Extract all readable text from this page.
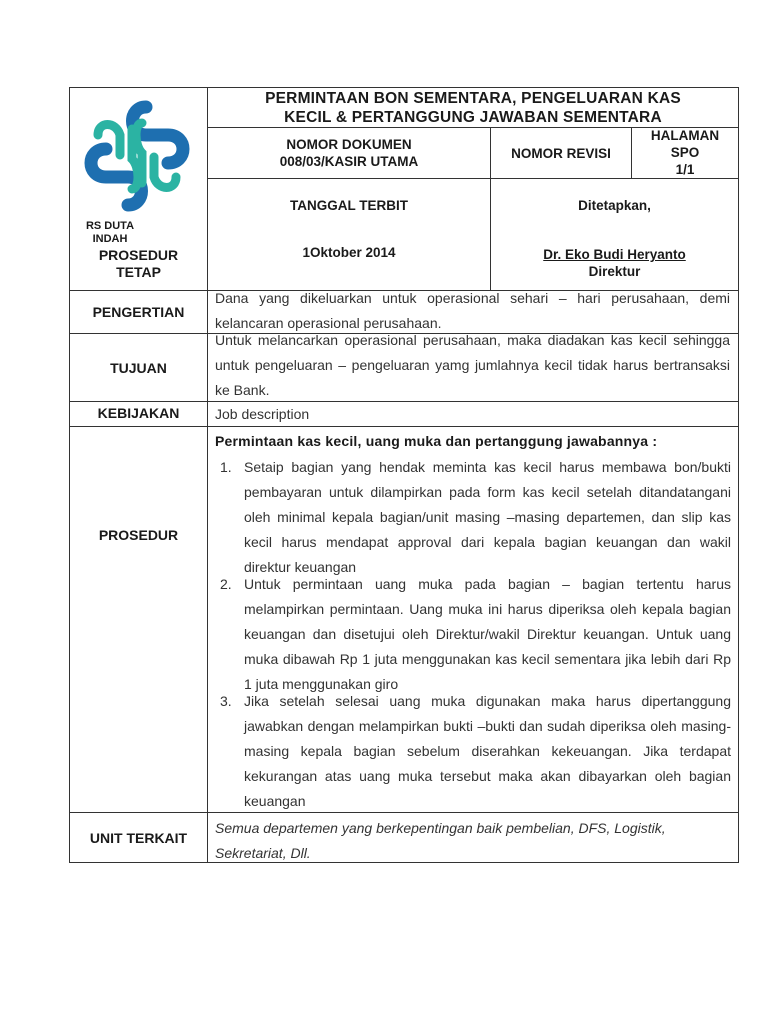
RS DUTA
INDAH
PROSEDUR
TETAP
PERMINTAAN BON SEMENTARA, PENGELUARAN KAS
KECIL & PERTANGGUNG JAWABAN SEMENTARA
NOMOR DOKUMEN
008/03/KASIR UTAMA
NOMOR REVISI
HALAMAN
SPO
1/1
TANGGAL TERBIT
1Oktober 2014
Ditetapkan,
Dr. Eko Budi Heryanto
Direktur
PENGERTIAN
Dana yang dikeluarkan untuk operasional sehari – hari perusahaan, demi kelancaran operasional perusahaan.
TUJUAN
Untuk melancarkan operasional perusahaan, maka diadakan kas kecil sehingga untuk pengeluaran – pengeluaran yamg jumlahnya kecil tidak harus bertransaksi ke Bank.
KEBIJAKAN	Job description
PROSEDUR
Permintaan kas kecil, uang muka dan pertanggung jawabannya :
1. Setaip bagian yang hendak meminta kas kecil harus membawa bon/bukti pembayaran untuk dilampirkan pada form kas kecil setelah ditandatangani oleh minimal kepala bagian/unit masing –masing departemen, dan slip kas kecil harus mendapat approval dari kepala bagian keuangan dan wakil direktur keuangan
2. Untuk permintaan uang muka pada bagian – bagian tertentu harus melampirkan permintaan. Uang muka ini harus diperiksa oleh kepala bagian keuangan dan disetujui oleh Direktur/wakil Direktur keuangan. Untuk uang muka dibawah Rp 1 juta menggunakan kas kecil sementara jika lebih dari Rp 1 juta menggunakan giro
3. Jika setelah selesai uang muka digunakan maka harus dipertanggung jawabkan dengan melampirkan bukti –bukti dan sudah diperiksa oleh masing-masing kepala bagian sebelum diserahkan kekeuangan. Jika terdapat kekurangan atas uang muka tersebut maka akan dibayarkan oleh bagian keuangan
UNIT TERKAIT
Semua departemen yang berkepentingan baik pembelian, DFS, Logistik, Sekretariat, Dll.
